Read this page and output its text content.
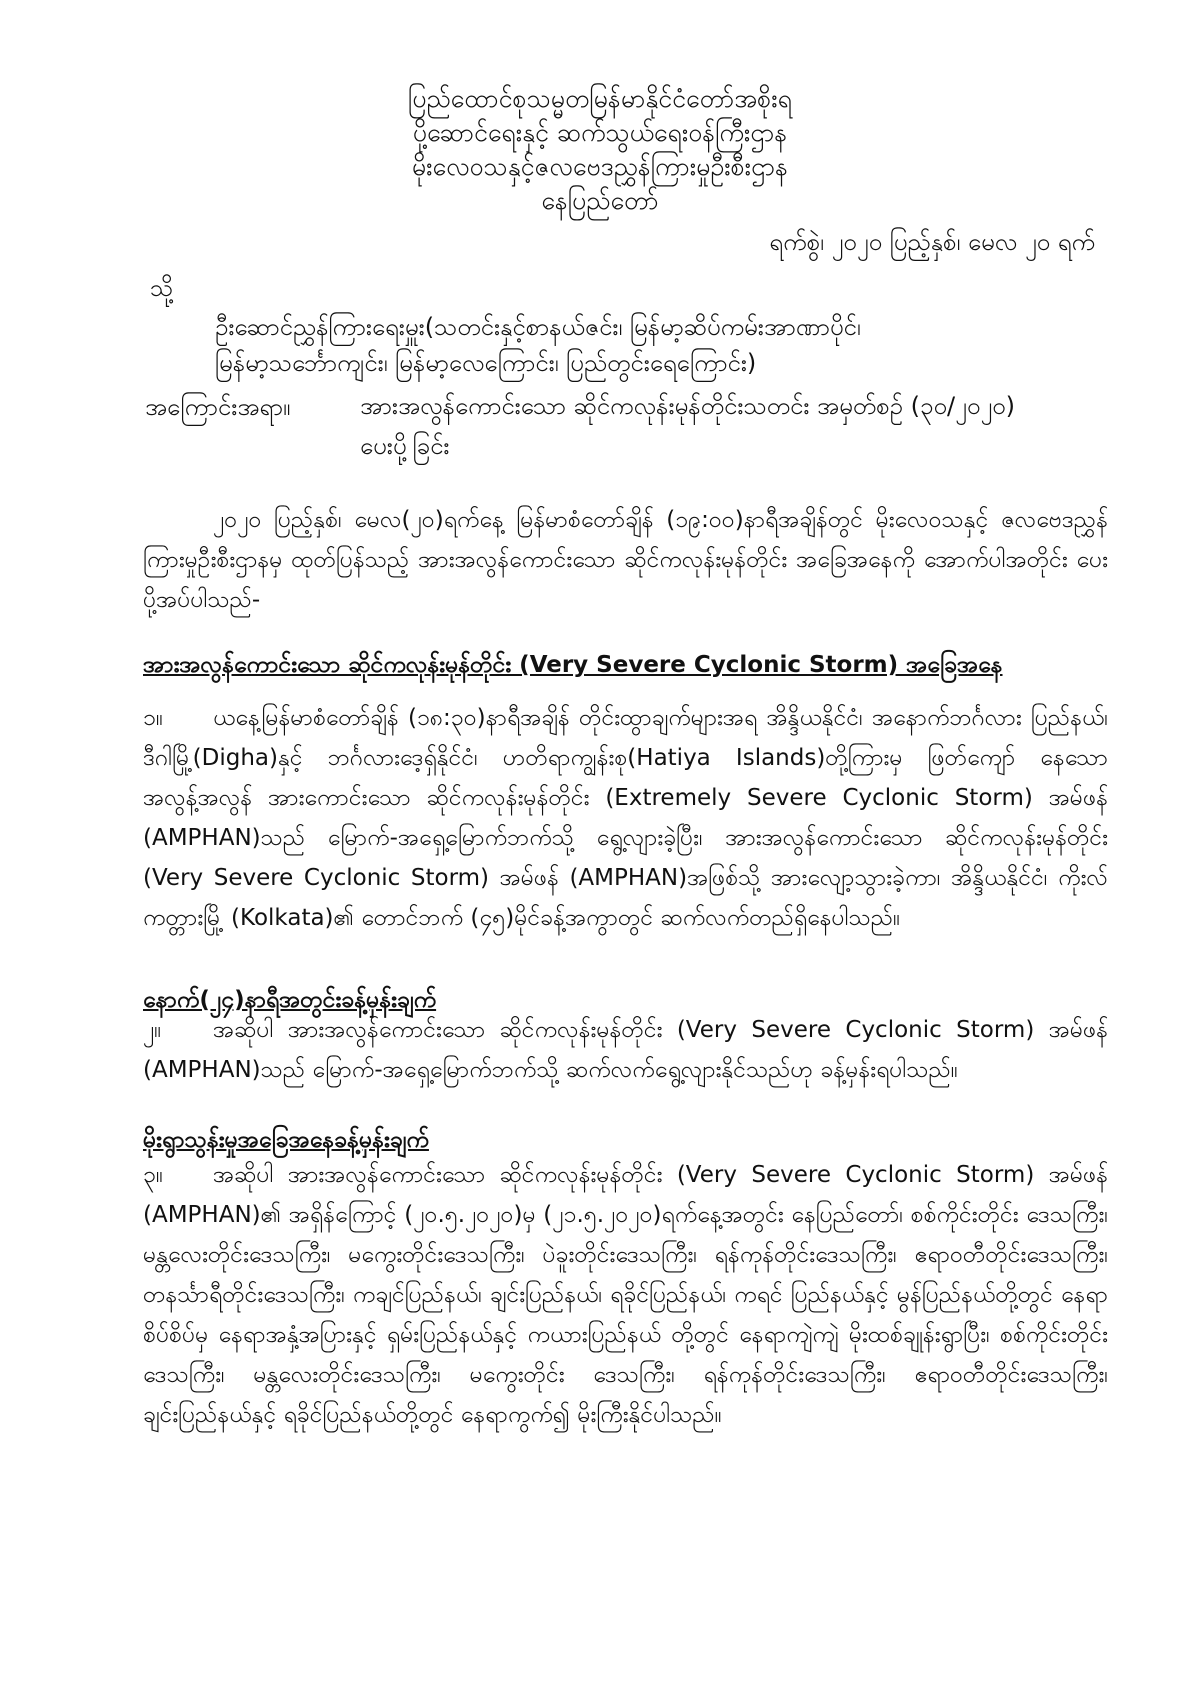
ပြည်ထောင်စုသမ္မတမြန်မာနိုင်ငံတော်အစိုးရ
ပို့ဆောင်ရေးနှင့် ဆက်သွယ်ရေးဝန်ကြီးဌာန
မိုးလေဝသနှင့်ဇလဗေဒညွှန်ကြားမှုဦးစီးဌာန
နေပြည်တော်
ရက်စွဲ၊ ၂၀၂၀ ပြည့်နှစ်၊ မေလ ၂၀ ရက်
သို့
ဦးဆောင်ညွှန်ကြားရေးမှူး(သတင်းနှင့်စာနယ်ဇင်း၊ မြန်မာ့ဆိပ်ကမ်းအာဏာပိုင်၊
မြန်မာ့သင်္ဘောကျင်း၊ မြန်မာ့လေကြောင်း၊ ပြည်တွင်းရေကြောင်း)
အကြောင်းအရာ။	အားအလွန်ကောင်းသော ဆိုင်ကလုန်းမုန်တိုင်းသတင်း အမှတ်စဉ် (၃၀/၂၀၂၀)
ပေးပို့ခြင်း
၂၀၂၀ ပြည့်နှစ်၊ မေလ(၂၀)ရက်နေ့ မြန်မာစံတော်ချိန် (၁၉:၀၀)နာရီအချိန်တွင် မိုးလေဝသနှင့် ဇလဗေဒညွှန်ကြားမှုဦးစီးဌာနမှ ထုတ်ပြန်သည့် အားအလွန်ကောင်းသော ဆိုင်ကလုန်းမုန်တိုင်း အခြေအနေကို အောက်ပါအတိုင်း ပေးပို့အပ်ပါသည်-
အားအလွန်ကောင်းသော ဆိုင်ကလုန်းမုန်တိုင်း (Very Severe Cyclonic Storm) အခြေအနေ
၁။ ယနေ့မြန်မာစံတော်ချိန် (၁၈:၃၀)နာရီအချိန် တိုင်းထွာချက်များအရ အိန္ဒိယနိုင်ငံ၊ အနောက်ဘင်္ဂလား ပြည်နယ်၊ ဒီဂါမြို့(Digha)နှင့် ဘင်္ဂလားဒေ့ရှ်နိုင်ငံ၊ ဟတိရာကျွန်းစု(Hatiya Islands)တို့ကြားမှ ဖြတ်ကျော် နေသော အလွန့်အလွန် အားကောင်းသော ဆိုင်ကလုန်းမုန်တိုင်း (Extremely Severe Cyclonic Storm) အမ်ဖန် (AMPHAN)သည် မြောက်-အရှေ့မြောက်ဘက်သို့ ရွေ့လျားခဲ့ပြီး၊ အားအလွန်ကောင်းသော ဆိုင်ကလုန်းမုန်တိုင်း (Very Severe Cyclonic Storm) အမ်ဖန် (AMPHAN)အဖြစ်သို့ အားလျော့သွားခဲ့ကာ၊ အိန္ဒိယနိုင်ငံ၊ ကိုးလ်ကတ္တားမြို့ (Kolkata)၏ တောင်ဘက် (၄၅)မိုင်ခန့်အကွာတွင် ဆက်လက်တည်ရှိနေပါသည်။
နောက်(၂၄)နာရီအတွင်းခန့်မှန်းချက်
၂။ အဆိုပါ အားအလွန်ကောင်းသော ဆိုင်ကလုန်းမုန်တိုင်း (Very Severe Cyclonic Storm) အမ်ဖန် (AMPHAN)သည် မြောက်-အရှေ့မြောက်ဘက်သို့ ဆက်လက်ရွေ့လျားနိုင်သည်ဟု ခန့်မှန်းရပါသည်။
မိုးရွာသွန်းမှုအခြေအနေခန့်မှန်းချက်
၃။ အဆိုပါ အားအလွန်ကောင်းသော ဆိုင်ကလုန်းမုန်တိုင်း (Very Severe Cyclonic Storm) အမ်ဖန် (AMPHAN)၏ အရှိန်ကြောင့် (၂၀.၅.၂၀၂၀)မှ (၂၁.၅.၂၀၂၀)ရက်နေ့အတွင်း နေပြည်တော်၊ စစ်ကိုင်းတိုင်း ဒေသကြီး၊ မန္တလေးတိုင်းဒေသကြီး၊ မကွေးတိုင်းဒေသကြီး၊ ပဲခူးတိုင်းဒေသကြီး၊ ရန်ကုန်တိုင်းဒေသကြီး၊ ဧရာဝတီတိုင်းဒေသကြီး၊ တနင်္သာရီတိုင်းဒေသကြီး၊ ကချင်ပြည်နယ်၊ ချင်းပြည်နယ်၊ ရခိုင်ပြည်နယ်၊ ကရင် ပြည်နယ်နှင့် မွန်ပြည်နယ်တို့တွင် နေရာစိပ်စိပ်မှ နေရာအနှံ့အပြားနှင့် ရှမ်းပြည်နယ်နှင့် ကယားပြည်နယ် တို့တွင် နေရာကျဲကျဲ မိုးထစ်ချုန်းရွာပြီး၊ စစ်ကိုင်းတိုင်းဒေသကြီး၊ မန္တလေးတိုင်းဒေသကြီး၊ မကွေးတိုင်း ဒေသကြီး၊ ရန်ကုန်တိုင်းဒေသကြီး၊ ဧရာဝတီတိုင်းဒေသကြီး၊ ချင်းပြည်နယ်နှင့် ရခိုင်ပြည်နယ်တို့တွင် နေရာကွက်၍ မိုးကြီးနိုင်ပါသည်။
